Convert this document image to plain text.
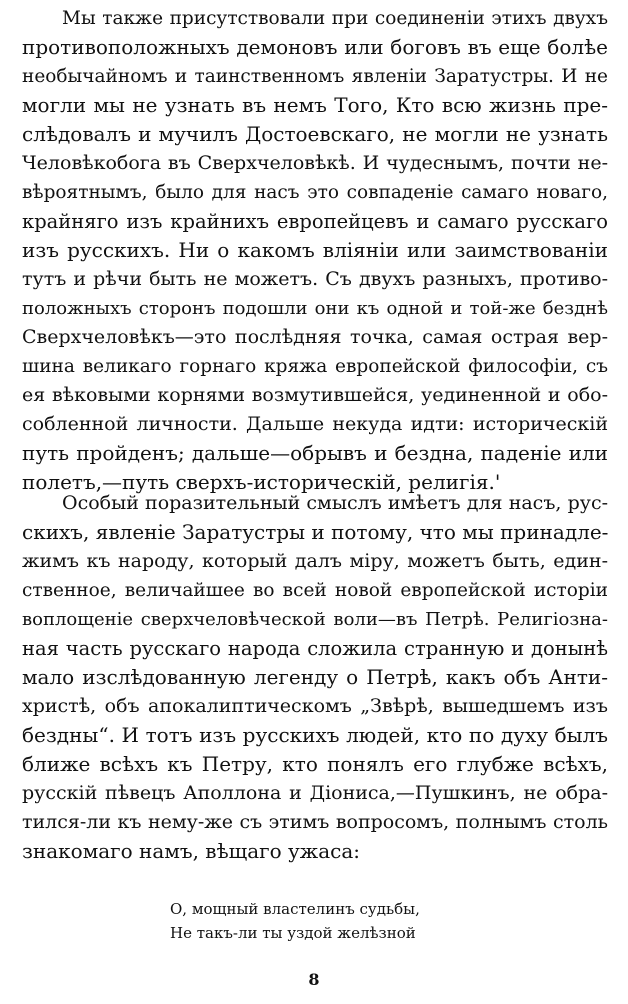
Мы также присутствовали при соединенiи этихъ двухъ
противоположныхъ демоновъ или боговъ въ еще болѣе
необычайномъ и таинственномъ явленiи Заратустры. И не
могли мы не узнать въ немъ Того, Кто всю жизнь пре-
слѣдовалъ и мучилъ Достоевскаго, не могли не узнать
Человѣкобога въ Сверхчеловѣкѣ. И чудеснымъ, почти не-
вѣроятнымъ, было для насъ это совпаденiе самаго новаго,
крайняго изъ крайнихъ европейцевъ и самаго русскаго
изъ русскихъ. Ни о какомъ влiянiи или заимствованiи
тутъ и рѣчи быть не можетъ. Съ двухъ разныхъ, противо-
положныхъ сторонъ подошли они къ одной и той-же безднѣ
Сверхчеловѣкъ—это послѣдняя точка, самая острая вер-
шина великаго горнаго кряжа европейской философiи, съ
ея вѣковыми корнями возмутившейся, уединенной и обо-
собленной личности. Дальше некуда идти: историческiй
путь пройденъ; дальше—обрывъ и бездна, паденiе или
полетъ,—путь сверхъ-историческiй, религiя.'
Особый поразительный смыслъ имѣетъ для насъ, рус-
скихъ, явленiе Заратустры и потому, что мы принадле-
жимъ къ народу, который далъ мiру, можетъ быть, един-
ственное, величайшее во всей новой европейской исторiи
воплощенiе сверхчеловѣческой воли—въ Петрѣ. Религiозна-
ная часть русскаго народа сложила странную и донынѣ
мало изслѣдованную легенду о Петрѣ, какъ объ Анти-
христѣ, объ апокалиптическомъ „Звѣрѣ, вышедшемъ изъ
бездны“. И тотъ изъ русскихъ людей, кто по духу былъ
ближе всѣхъ къ Петру, кто понялъ его глубже всѣхъ,
русскiй пѣвецъ Аполлона и Дiониса,—Пушкинъ, не обра-
тился-ли къ нему-же съ этимъ вопросомъ, полнымъ столь
знакомаго намъ, вѣщаго ужаса:
О, мощный властелинъ судьбы,
Не такъ-ли ты уздой желѣзной
8
